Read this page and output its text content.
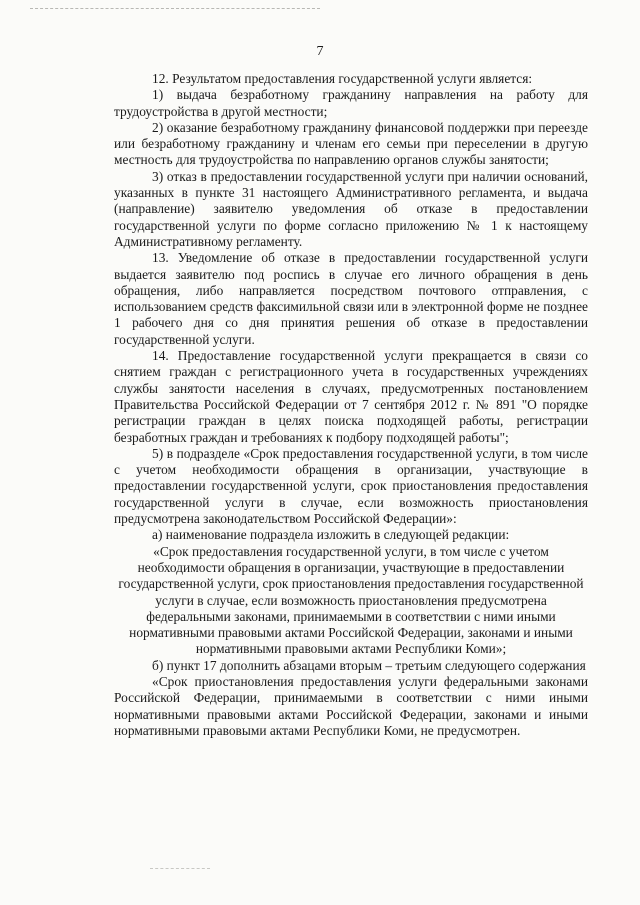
7

12. Результатом предоставления государственной услуги является:

1) выдача безработному гражданину направления на работу для трудоустройства в другой местности;

2) оказание безработному гражданину финансовой поддержки при переезде или безработному гражданину и членам его семьи при переселении в другую местность для трудоустройства по направлению органов службы занятости;

3) отказ в предоставлении государственной услуги при наличии оснований, указанных в пункте 31 настоящего Административного регламента, и выдача (направление) заявителю уведомления об отказе в предоставлении государственной услуги по форме согласно приложению № 1 к настоящему Административному регламенту.

13. Уведомление об отказе в предоставлении государственной услуги выдается заявителю под роспись в случае его личного обращения в день обращения, либо направляется посредством почтового отправления, с использованием средств факсимильной связи или в электронной форме не позднее 1 рабочего дня со дня принятия решения об отказе в предоставлении государственной услуги.

14. Предоставление государственной услуги прекращается в связи со снятием граждан с регистрационного учета в государственных учреждениях службы занятости населения в случаях, предусмотренных постановлением Правительства Российской Федерации от 7 сентября 2012 г. № 891 "О порядке регистрации граждан в целях поиска подходящей работы, регистрации безработных граждан и требованиях к подбору подходящей работы";

5) в подразделе «Срок предоставления государственной услуги, в том числе с учетом необходимости обращения в организации, участвующие в предоставлении государственной услуги, срок приостановления предоставления государственной услуги в случае, если возможность приостановления предусмотрена законодательством Российской Федерации»:

а) наименование подраздела изложить в следующей редакции:

«Срок предоставления государственной услуги, в том числе с учетом необходимости обращения в организации, участвующие в предоставлении государственной услуги, срок приостановления предоставления государственной услуги в случае, если возможность приостановления предусмотрена федеральными законами, принимаемыми в соответствии с ними иными нормативными правовыми актами Российской Федерации, законами и иными нормативными правовыми актами Республики Коми»;

б) пункт 17 дополнить абзацами вторым – третьим следующего содержания

«Срок приостановления предоставления услуги федеральными законами Российской Федерации, принимаемыми в соответствии с ними иными нормативными правовыми актами Российской Федерации, законами и иными нормативными правовыми актами Республики Коми, не предусмотрен.
